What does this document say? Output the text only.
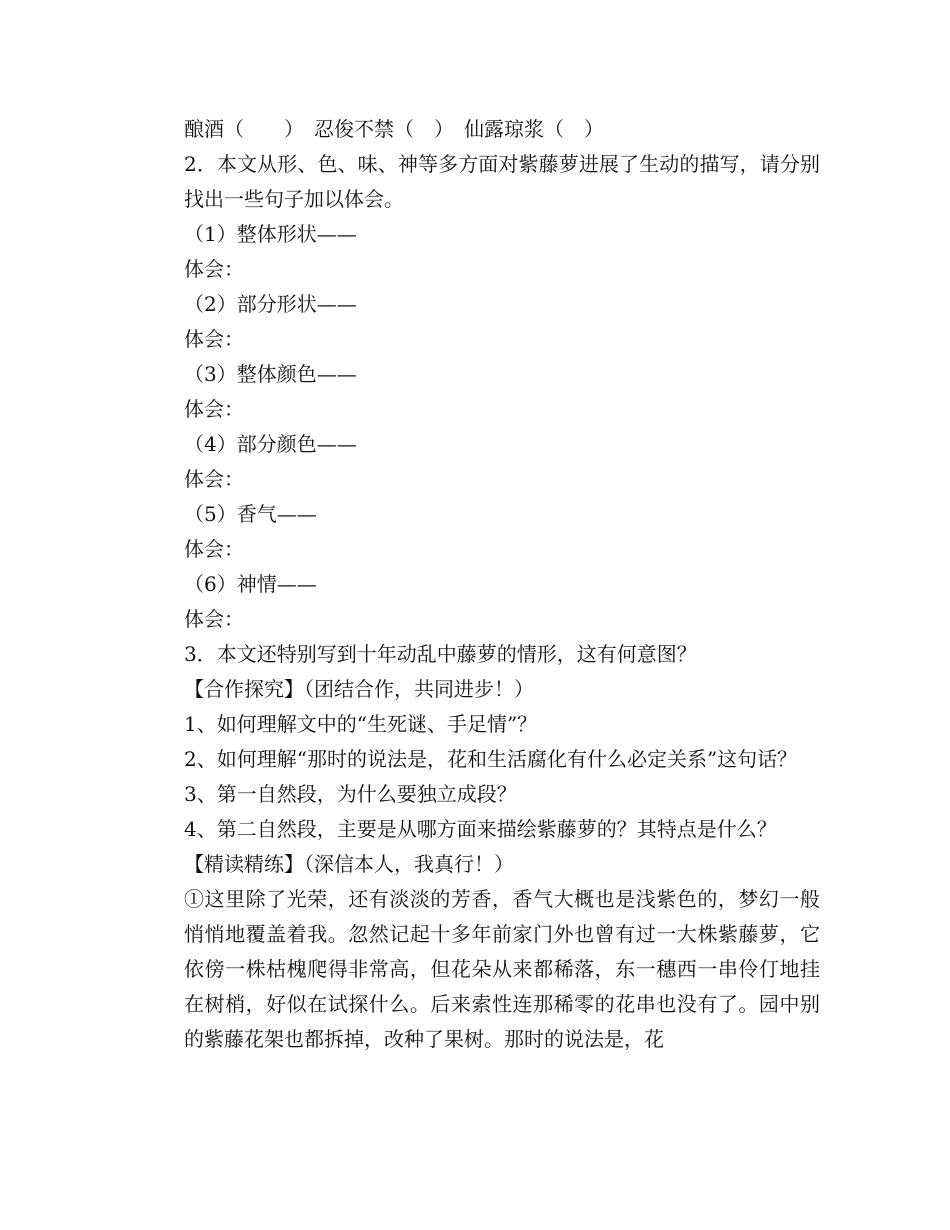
酿酒（　　）　忍俊不禁（　）　仙露琼浆（　）
2．本文从形、色、味、神等多方面对紫藤萝进展了生动的描写，请分别找出一些句子加以体会。
（1）整体形状——
体会：
（2）部分形状——
体会：
（3）整体颜色——
体会：
（4）部分颜色——
体会：
（5）香气——
体会：
（6）神情——
体会：
3．本文还特别写到十年动乱中藤萝的情形，这有何意图？
【合作探究】（团结合作，共同进步！）
1、如何理解文中的“生死谜、手足情”？
2、如何理解“那时的说法是，花和生活腐化有什么必定关系”这句话？
3、第一自然段，为什么要独立成段？
4、第二自然段，主要是从哪方面来描绘紫藤萝的？其特点是什么？
【精读精练】（深信本人，我真行！）
①这里除了光荣，还有淡淡的芳香，香气大概也是浅紫色的，梦幻一般悄悄地覆盖着我。忽然记起十多年前家门外也曾有过一大株紫藤萝，它依傍一株枯槐爬得非常高，但花朵从来都稀落，东一穗西一串伶仃地挂在树梢，好似在试探什么。后来索性连那稀零的花串也没有了。园中别的紫藤花架也都拆掉，改种了果树。那时的说法是，花
